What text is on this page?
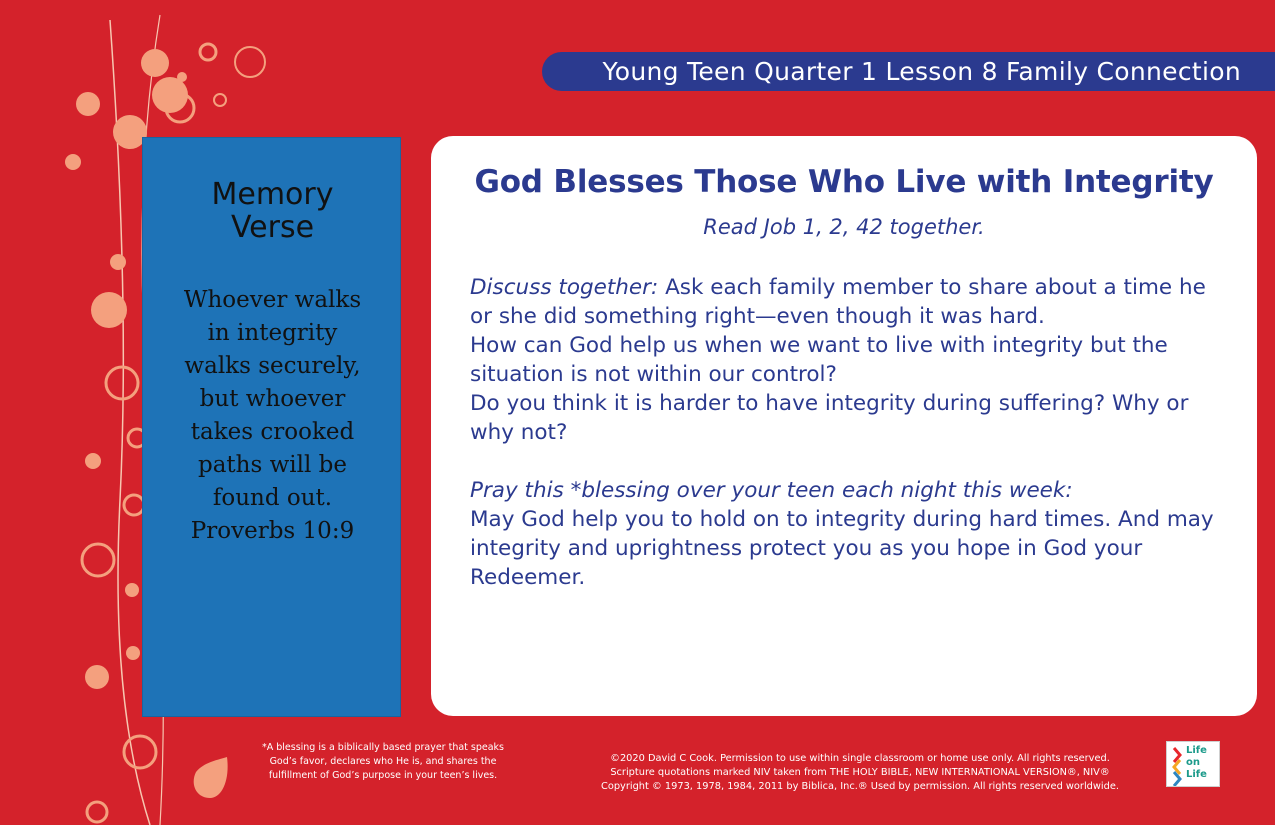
Young Teen Quarter 1 Lesson 8 Family Connection
Memory
Verse
Whoever walks
in integrity
walks securely,
but whoever
takes crooked
paths will be
found out.
Proverbs 10:9
God Blesses Those Who Live with Integrity
Read Job 1, 2, 42 together.

Discuss together: Ask each family member to share about a time he or she did something right—even though it was hard.

How can God help us when we want to live with integrity but the situation is not within our control?

Do you think it is harder to have integrity during suffering? Why or why not?

Pray this *blessing over your teen each night this week:

May God help you to hold on to integrity during hard times. And may integrity and uprightness protect you as you hope in God your Redeemer.

*A blessing is a biblically based prayer that speaks
God’s favor, declares who He is, and shares the
fulfillment of God’s purpose in your teen’s lives.
©2020 David C Cook. Permission to use within single classroom or home use only. All rights reserved.
Scripture quotations marked NIV taken from THE HOLY BIBLE, NEW INTERNATIONAL VERSION®, NIV®
Copyright © 1973, 1978, 1984, 2011 by Biblica, Inc.® Used by permission. All rights reserved worldwide.
Life
on
Life
